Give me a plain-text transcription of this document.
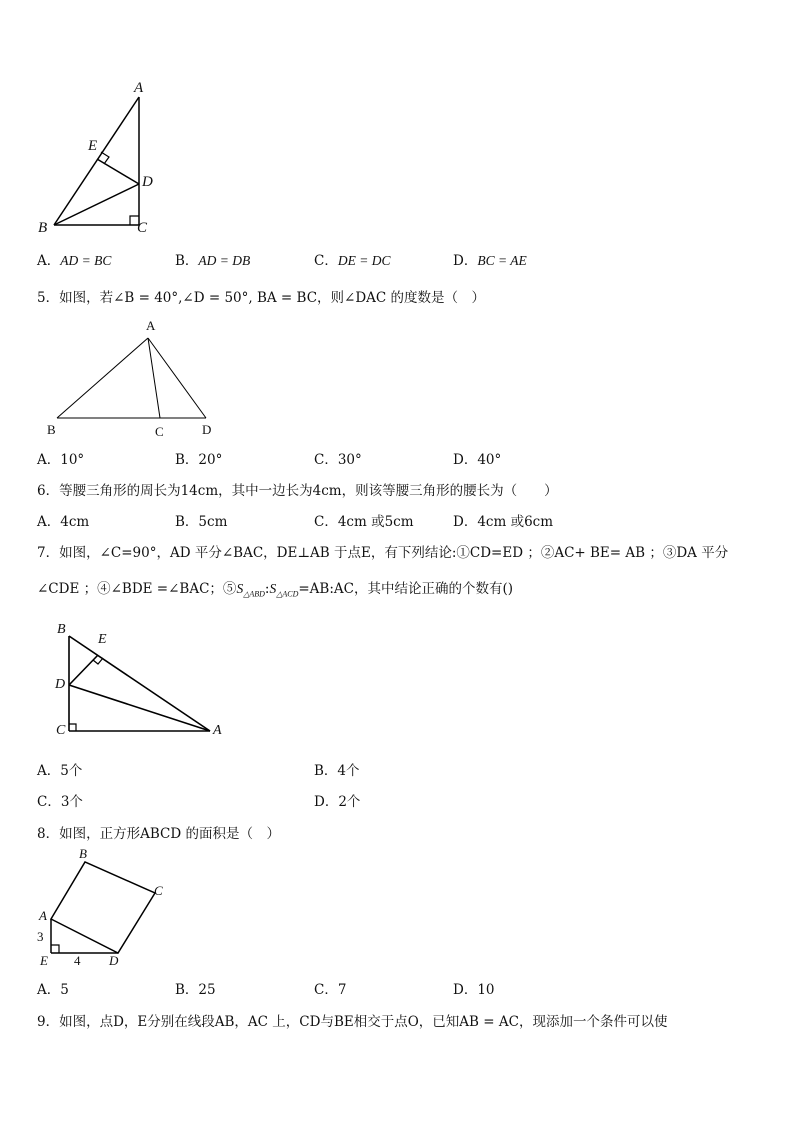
A
E
D
B	C
A．AD = BC	B．AD = DB	C．DE = DC	D．BC = AE
5．如图，若∠B = 40°,∠D = 50°, BA = BC，则∠DAC 的度数是（　）
A
B	C	D
A．10°	B．20°	C．30°	D．40°
6．等腰三角形的周长为14cm，其中一边长为4cm，则该等腰三角形的腰长为（　　）
A．4cm	B．5cm	C．4cm 或5cm	D．4cm 或6cm
7．如图，∠C=90°，AD 平分∠BAC，DE⊥AB 于点E，有下列结论:①CD=ED ；②AC+ BE= AB ；③DA 平分
∠CDE ；④∠BDE =∠BAC；$⑤S_{\triangle ABD}:S_{\triangle ACD}=AB:AC$，其中结论正确的个数有()
B
E
D
C	A
A．5个	B．4个
C．3个	D．2个
8．如图，正方形ABCD 的面积是（　）
B
C
A
3
E 4 D
A．5	B．25	C．7	D．10
9．如图，点D，E分别在线段AB，AC 上，CD与BE相交于点O，已知AB = AC，现添加一个条件可以使
